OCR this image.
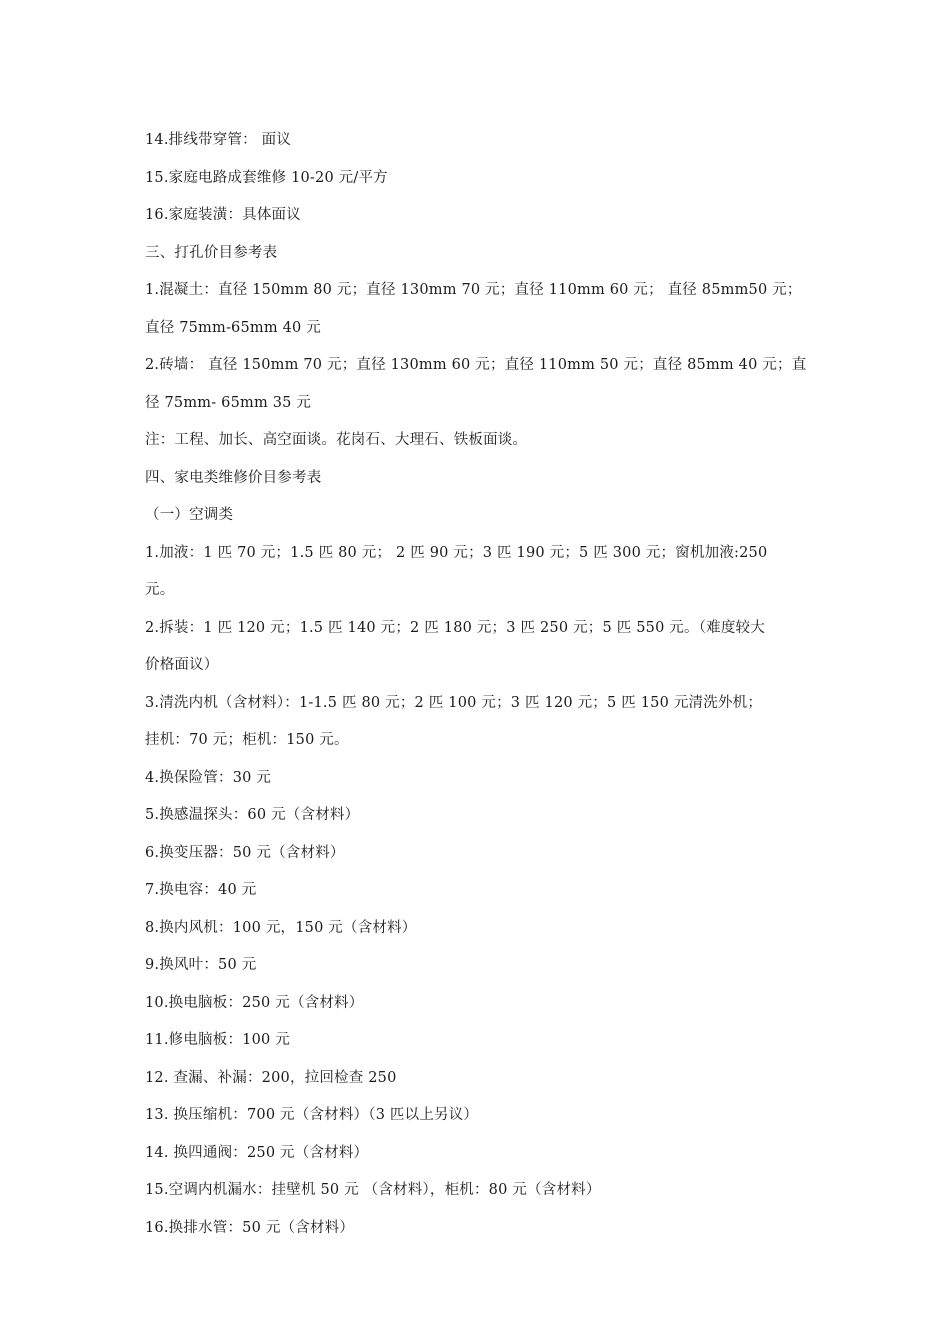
14.排线带穿管： 面议
15.家庭电路成套维修 10-20 元/平方
16.家庭装潢：具体面议
三、打孔价目参考表
1.混凝土：直径 150mm 80 元；直径 130mm 70 元；直径 110mm 60 元； 直径 85mm50 元；
直径 75mm-65mm 40 元
2.砖墙： 直径 150mm 70 元；直径 130mm 60 元；直径 110mm 50 元；直径 85mm 40 元；直
径 75mm- 65mm 35 元
注：工程、加长、高空面谈。花岗石、大理石、铁板面谈。
四、家电类维修价目参考表
（一）空调类
1.加液：1 匹 70 元；1.5 匹 80 元； 2 匹 90 元；3 匹 190 元；5 匹 300 元；窗机加液:250
元。
2.拆装：1 匹 120 元；1.5 匹 140 元；2 匹 180 元；3 匹 250 元；5 匹 550 元。（难度较大
价格面议）
3.清洗内机（含材料）：1-1.5 匹 80 元；2 匹 100 元；3 匹 120 元；5 匹 150 元清洗外机；
挂机：70 元；柜机：150 元。
4.换保险管：30 元
5.换感温探头：60 元（含材料）
6.换变压器：50 元（含材料）
7.换电容：40 元
8.换内风机：100 元，150 元（含材料）
9.换风叶：50 元
10.换电脑板：250 元（含材料）
11.修电脑板：100 元
12. 查漏、补漏：200，拉回检查 250
13. 换压缩机：700 元（含材料）（3 匹以上另议）
14. 换四通阀：250 元（含材料）
15.空调内机漏水：挂壁机 50 元 （含材料），柜机：80 元（含材料）
16.换排水管：50 元（含材料）
